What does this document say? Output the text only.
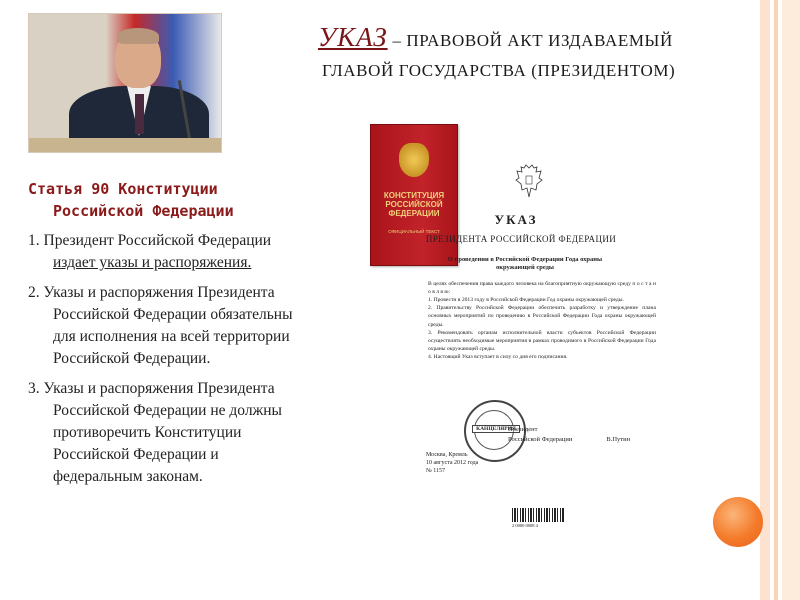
УКАЗ – ПРАВОВОЙ АКТ ИЗДАВАЕМЫЙ
ГЛАВОЙ ГОСУДАРСТВА (ПРЕЗИДЕНТОМ)
КОНСТИТУЦИЯ РОССИЙСКОЙ ФЕДЕРАЦИИ
ОФИЦИАЛЬНЫЙ ТЕКСТ
УКАЗ
ПРЕЗИДЕНТА РОССИЙСКОЙ ФЕДЕРАЦИИ
О проведении в Российской Федерации Года охраны окружающей среды

В целях обеспечения права каждого человека на благоприятную окружающую среду п о с т а н о в л я ю:

1. Провести в 2013 году в Российской Федерации Год охраны окружающей среды.

2. Правительству Российской Федерации обеспечить разработку и утверждение плана основных мероприятий по проведению в Российской Федерации Года охраны окружающей среды.

3. Рекомендовать органам исполнительной власти субъектов Российской Федерации осуществлять необходимые мероприятия в рамках проводимого в Российской Федерации Года охраны окружающей среды.

4. Настоящий Указ вступает в силу со дня его подписания.

КАНЦЕЛЯРИЯ
Президент
Российской Федерации	В.Путин
Москва, Кремль
10 августа 2012 года
№ 1157
2 0000 0008 4
Статья 90 Конституции
Российской Федерации
1. Президент Российской Федерации
издает указы и распоряжения.
2. Указы и распоряжения Президента
Российской Федерации обязательны
для исполнения на всей территории
Российской Федерации.
3. Указы и распоряжения Президента
Российской Федерации не должны
противоречить Конституции
Российской Федерации и
федеральным законам.
